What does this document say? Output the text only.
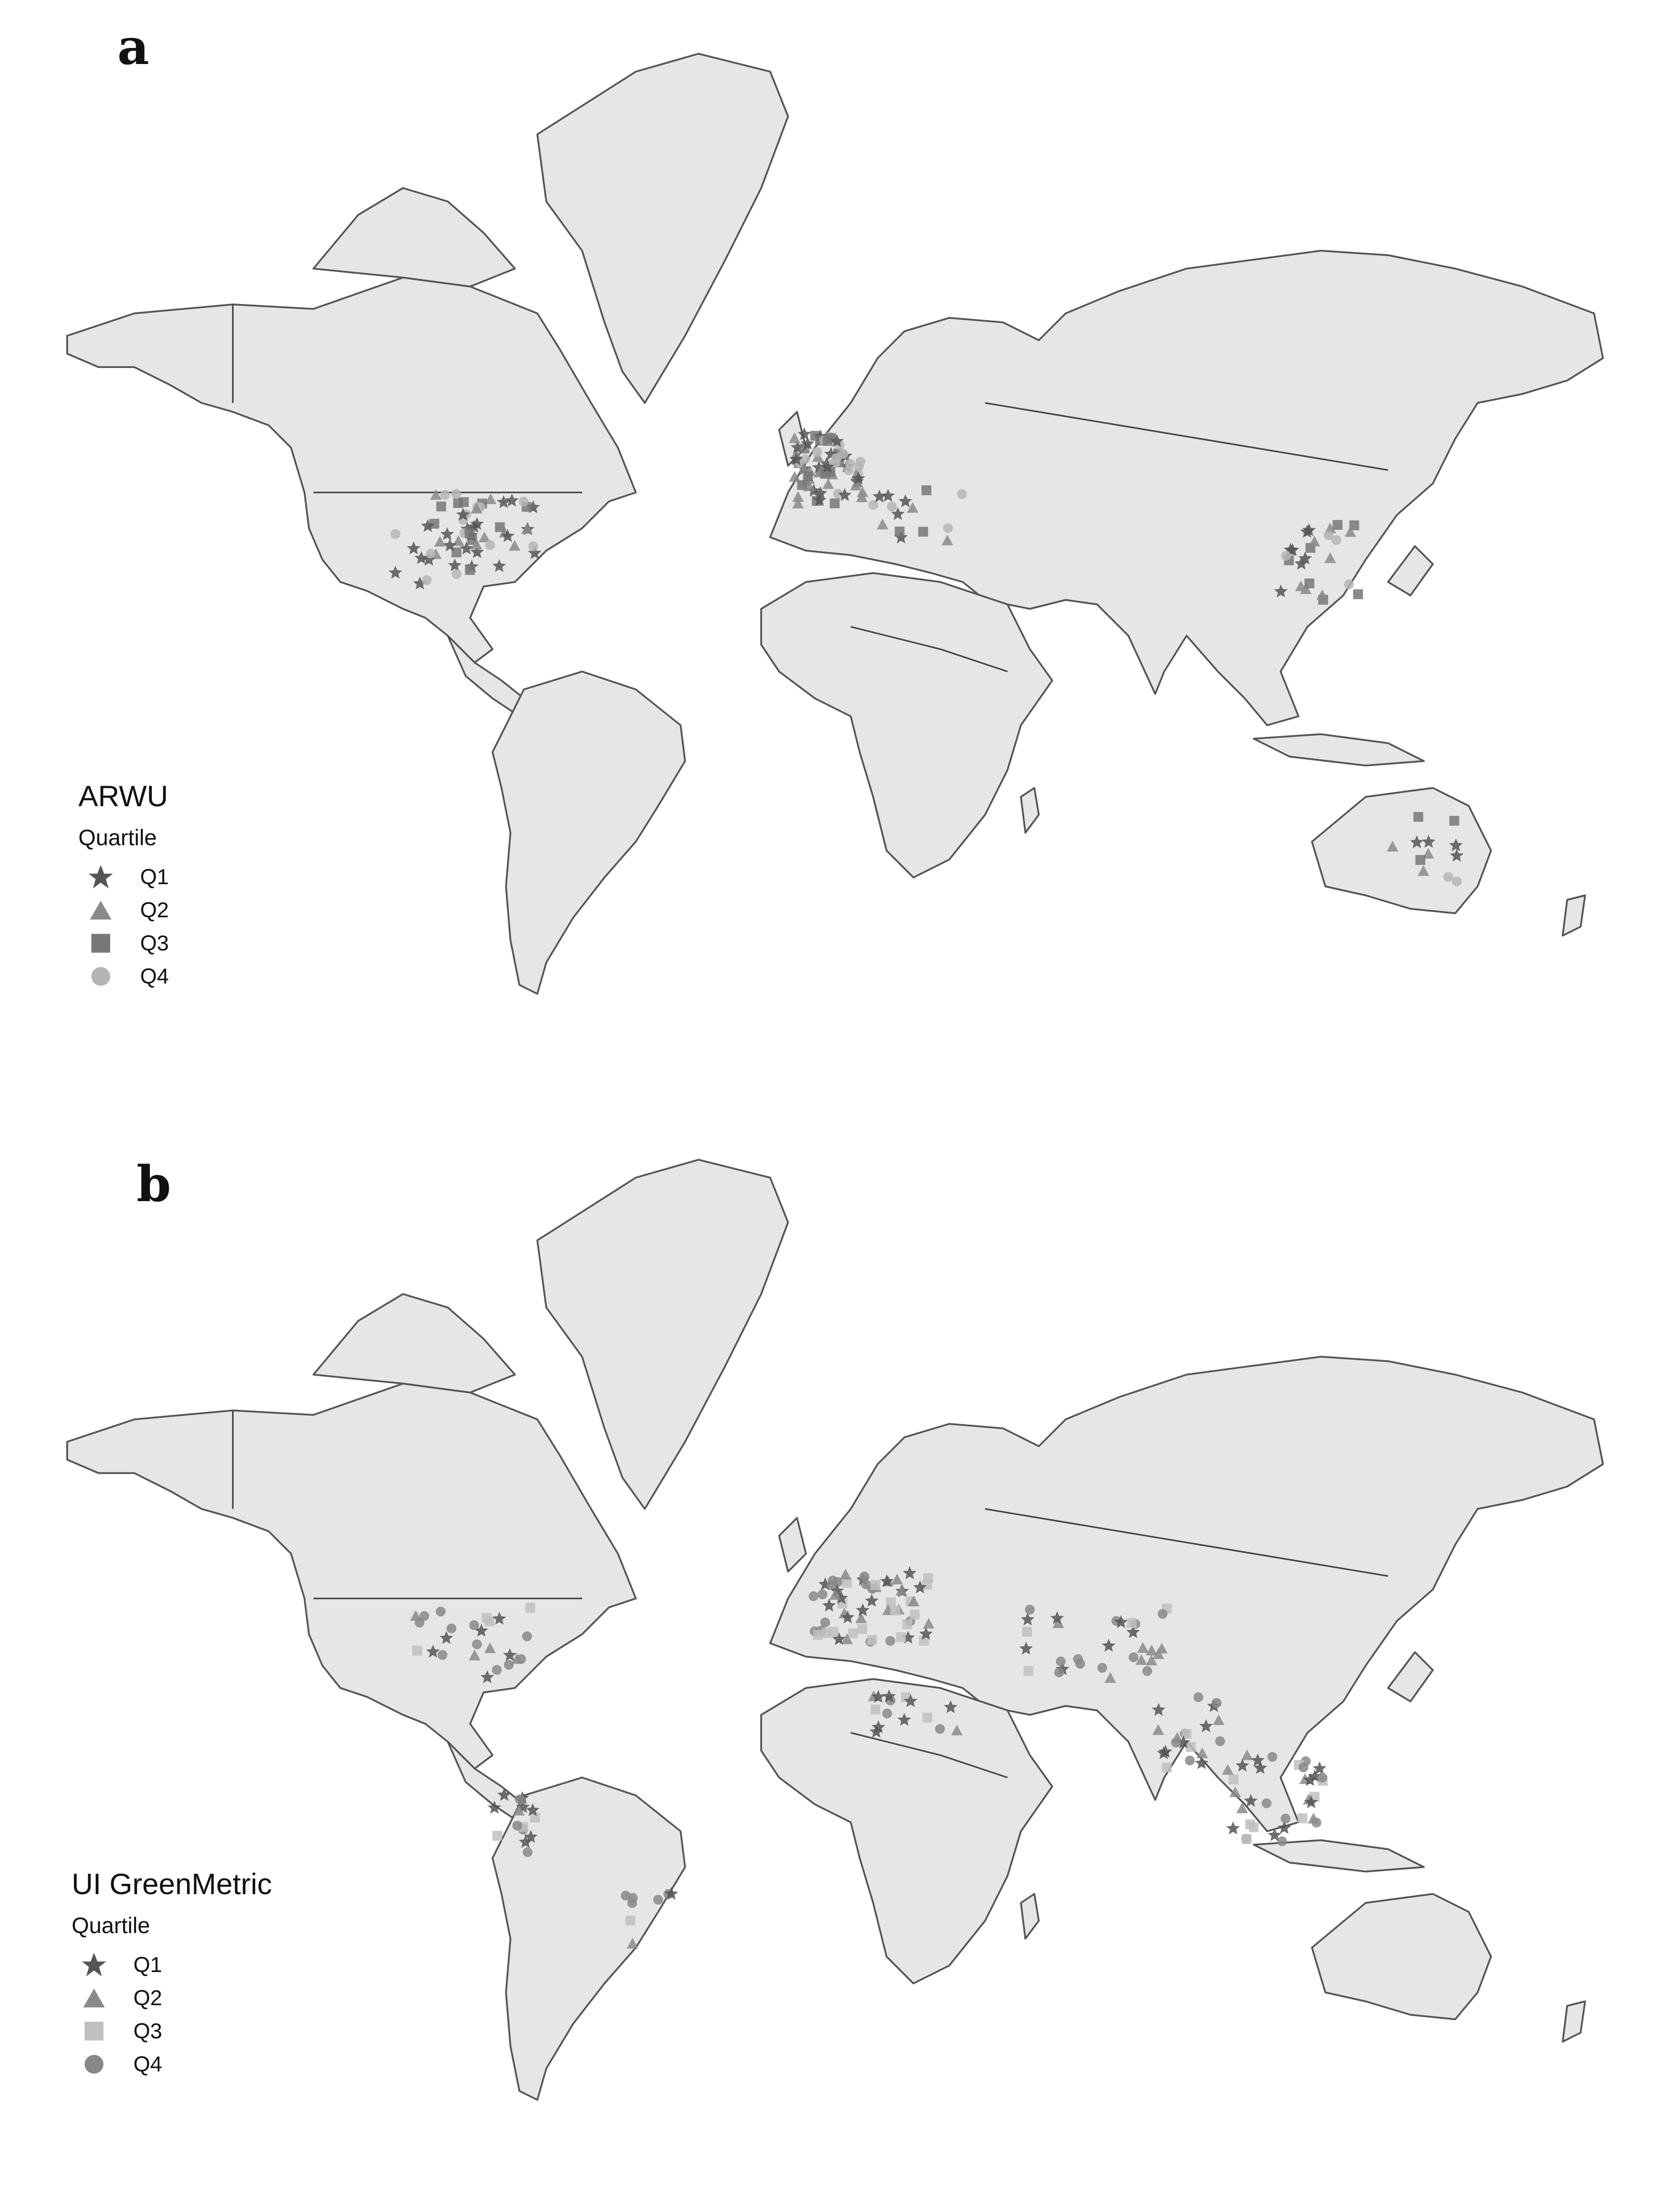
a
ARWU
Quartile
Q1
Q2
Q3
Q4
b
UI GreenMetric
Quartile
Q1
Q2
Q3
Q4
